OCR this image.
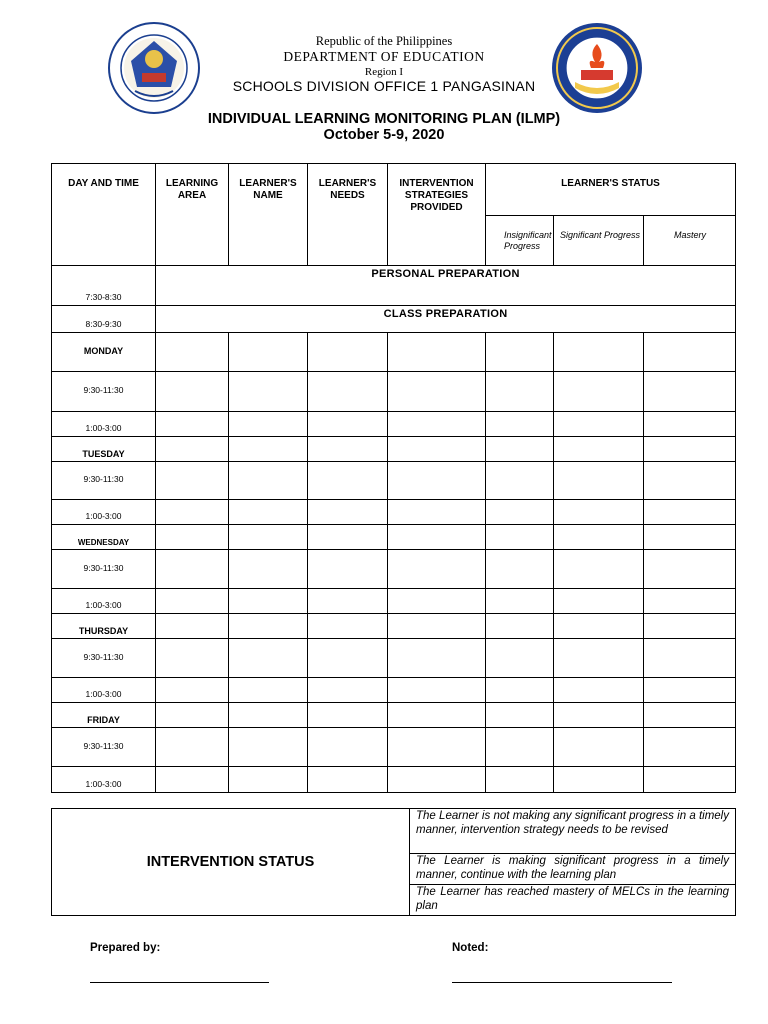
Republic of the Philippines
DEPARTMENT OF EDUCATION
Region I
SCHOOLS DIVISION OFFICE 1 PANGASINAN
INDIVIDUAL LEARNING MONITORING PLAN (ILMP)
October 5-9, 2020
DAY AND TIME	LEARNING AREA	LEARNER'S NAME	LEARNER'S NEEDS	INTERVENTION STRATEGIES PROVIDED	LEARNER'S STATUS		
					Insignificant Progress	Significant Progress	Mastery
7:30-8:30	PERSONAL PREPARATION						
8:30-9:30	CLASS PREPARATION						
MONDAY							
9:30-11:30							
1:00-3:00							
TUESDAY							
9:30-11:30							
1:00-3:00							
WEDNESDAY							
9:30-11:30							
1:00-3:00							
THURSDAY							
9:30-11:30							
1:00-3:00							
FRIDAY							
9:30-11:30							
1:00-3:00							
INTERVENTION STATUS	The Learner is not making any significant progress in a timely manner, intervention strategy needs to be revised
The Learner is making significant progress in a timely manner, continue with the learning plan
The Learner has reached mastery of MELCs in the learning plan
Prepared by:	Noted:
